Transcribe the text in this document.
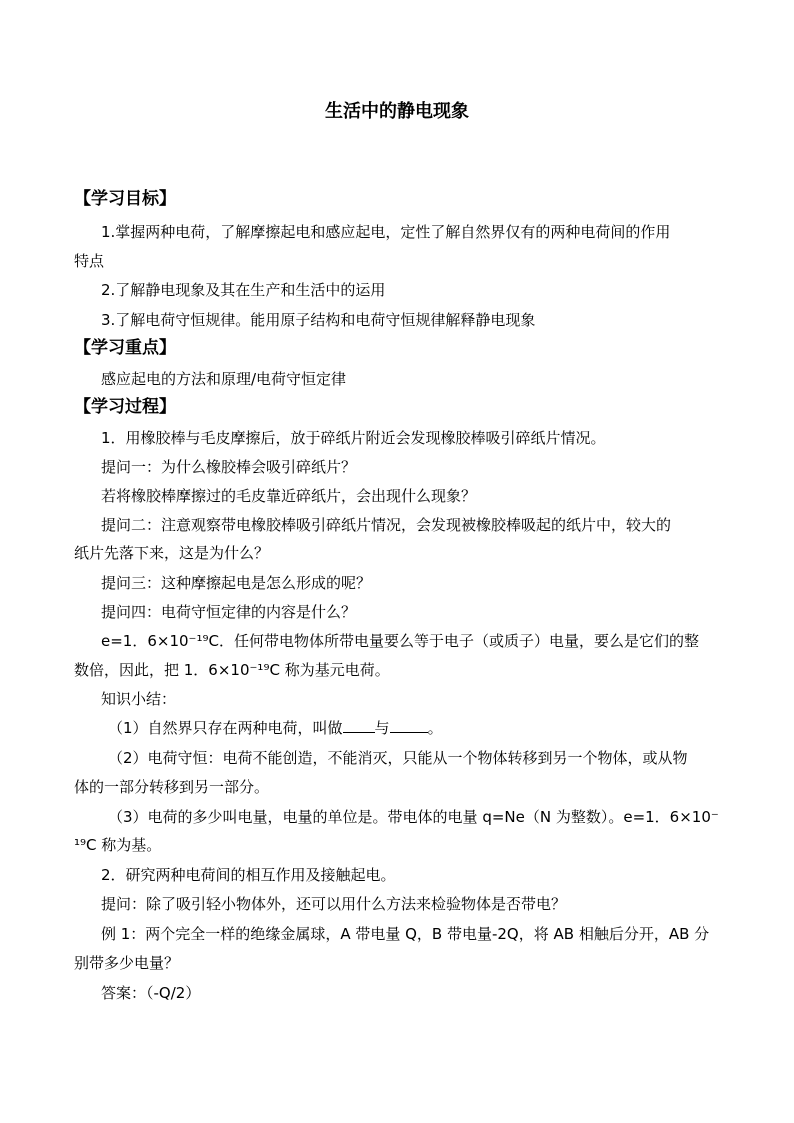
生活中的静电现象
【学习目标】
1.掌握两种电荷，了解摩擦起电和感应起电，定性了解自然界仅有的两种电荷间的作用
特点
2.了解静电现象及其在生产和生活中的运用
3.了解电荷守恒规律。能用原子结构和电荷守恒规律解释静电现象
【学习重点】
感应起电的方法和原理/电荷守恒定律
【学习过程】
1．用橡胶棒与毛皮摩擦后，放于碎纸片附近会发现橡胶棒吸引碎纸片情况。
提问一：为什么橡胶棒会吸引碎纸片？
若将橡胶棒摩擦过的毛皮靠近碎纸片，会出现什么现象？
提问二：注意观察带电橡胶棒吸引碎纸片情况，会发现被橡胶棒吸起的纸片中，较大的
纸片先落下来，这是为什么？
提问三：这种摩擦起电是怎么形成的呢？
提问四：电荷守恒定律的内容是什么？
e=1．6×10⁻¹⁹C．任何带电物体所带电量要么等于电子（或质子）电量，要么是它们的整
数倍，因此，把 1．6×10⁻¹⁹C 称为基元电荷。
知识小结：
（1）自然界只存在两种电荷，叫做 与	。
（2）电荷守恒：电荷不能创造，不能消灭，只能从一个物体转移到另一个物体，或从物
体的一部分转移到另一部分。
（3）电荷的多少叫电量，电量的单位是。带电体的电量 q=Ne（N 为整数）。e=1．6×10⁻
¹⁹C 称为基。
2．研究两种电荷间的相互作用及接触起电。
提问：除了吸引轻小物体外，还可以用什么方法来检验物体是否带电？
例 1：两个完全一样的绝缘金属球，A 带电量 Q，B 带电量-2Q，将 AB 相触后分开，AB 分
别带多少电量？
答案：（-Q/2）
